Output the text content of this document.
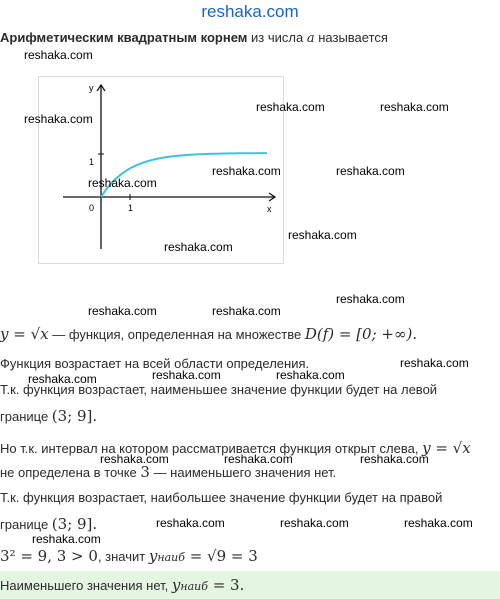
reshaka.com
Арифметическим квадратным корнем из числа a называется
y
x
0	1
1
y = √x — функция, определенная на множестве D(f) = [0; +∞).
Функция возрастает на всей области определения.
Т.к. функция возрастает, наименьшее значение функции будет на левой
границе (3; 9].
Но т.к. интервал на котором рассматривается функция открыт слева, y = √x
не определена в точке 3 — наименьшего значения нет.
Т.к. функция возрастает, наибольшее значение функции будет на правой
границе (3; 9].
3² = 9, 3 > 0, значит yнаиб = √9 = 3
Наименьшего значения нет, yнаиб = 3.
reshaka.com
reshaka.com	reshaka.com
reshaka.com
reshaka.com	reshaka.com
reshaka.com
reshaka.com
reshaka.com
reshaka.com
reshaka.com	reshaka.com
reshaka.com
reshaka.com	reshaka.com	reshaka.com
reshaka.com	reshaka.com	reshaka.com
reshaka.com	reshaka.com	reshaka.com
reshaka.com
